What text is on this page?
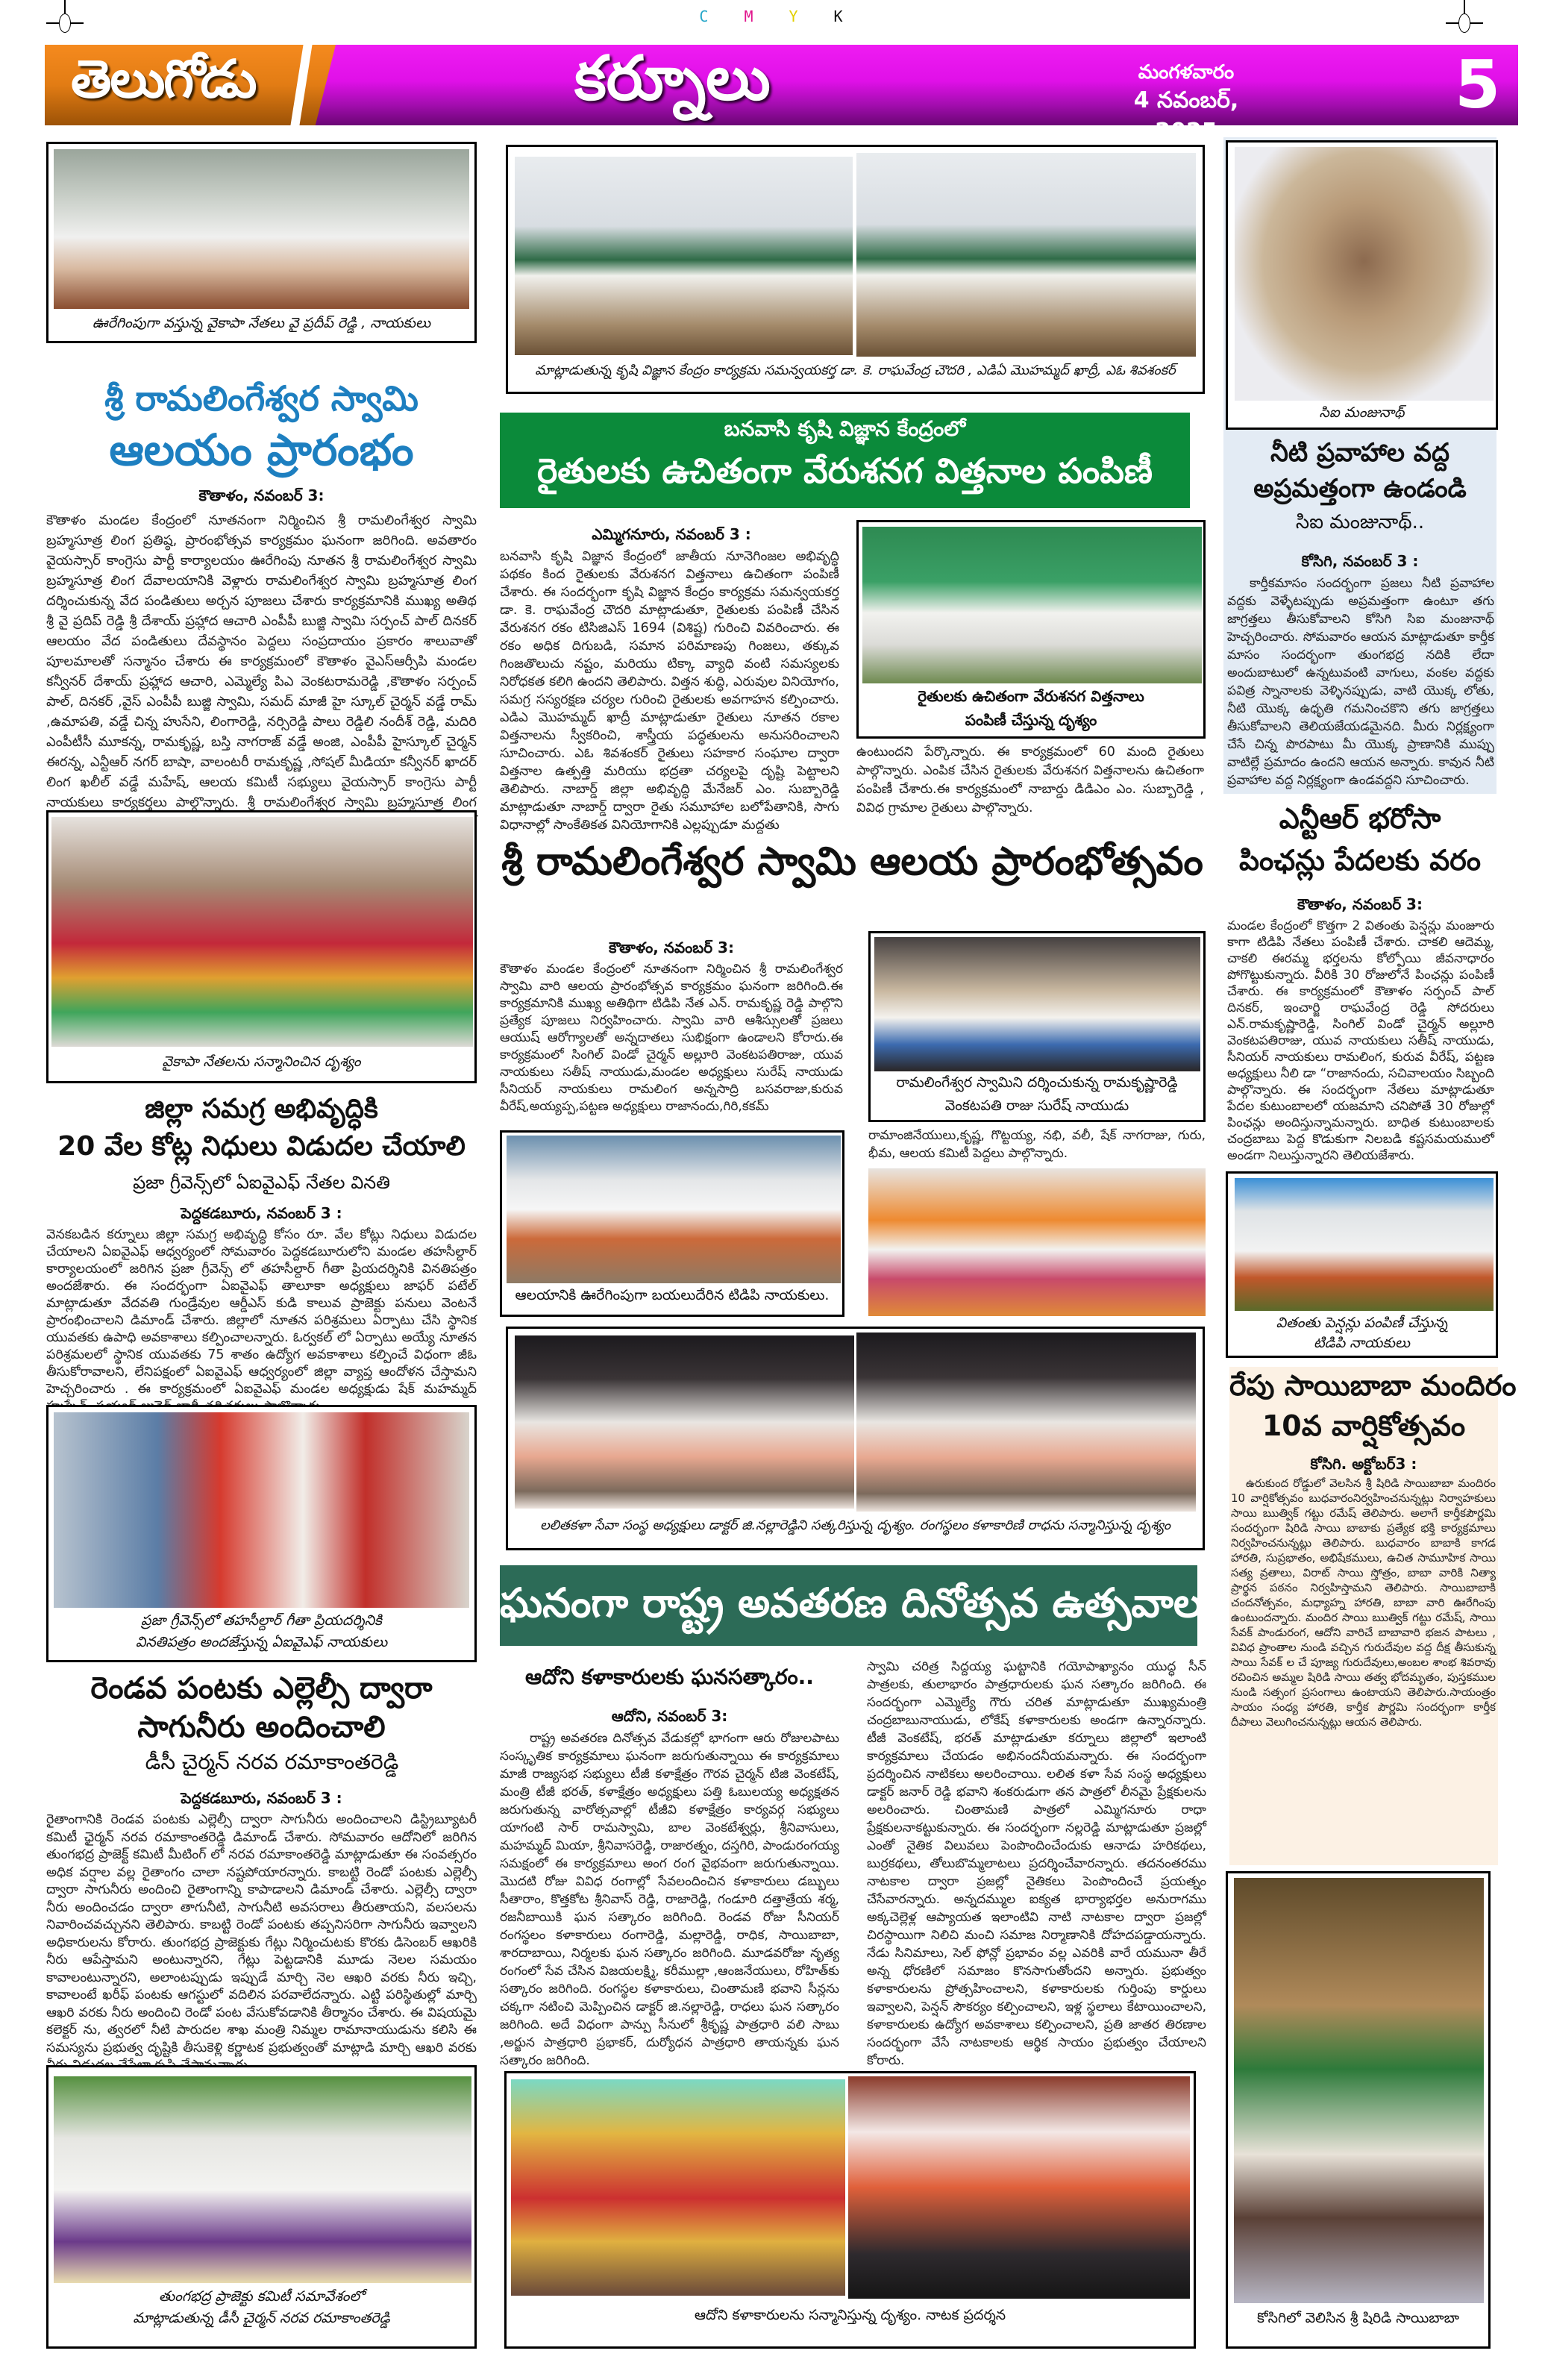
C M Y K
తెలుగోడు	కర్నూలు	మంగళవారం
4 నవంబర్, 2025
5
ఊరేగింపుగా వస్తున్న వైకాపా నేతలు వై ప్రదీప్ రెడ్డి , నాయకులు
శ్రీ రామలింగేశ్వర స్వామి
ఆలయం ప్రారంభం
కౌతాళం, నవంబర్ 3:
కౌతాళం మండల కేంద్రంలో నూతనంగా నిర్మించిన శ్రీ రామలింగేశ్వర స్వామి బ్రహ్మసూత్ర లింగ ప్రతిష్ఠ, ప్రారంభోత్సవ కార్యక్రమం ఘనంగా జరిగింది. అవతారం వైయస్సార్ కాంగ్రెసు పార్టీ కార్యాలయం ఊరేగింపు నూతన శ్రీ రామలింగేశ్వర స్వామి బ్రహ్మసూత్ర లింగ దేవాలయానికి వెళ్లారు రామలింగేశ్వర స్వామి బ్రహ్మసూత్ర లింగ దర్శించుకున్న వేద పండితులు అర్చన పూజలు చేశారు కార్యక్రమానికి ముఖ్య అతిథ శ్రీ వై ప్రదిప్ రెడ్డి శ్రీ దేశాయ్ ప్రహ్లాద ఆచారి ఎంపీపీ బుజ్జి స్వామి సర్పంచ్ పాల్ దినకర్ ఆలయం వేద పండితులు దేవస్థానం పెద్దలు సంప్రదాయం ప్రకారం శాలువాతో పూలమాలతో సన్మానం చేశారు ఈ కార్యక్రమంలో కౌతాళం వైఎస్ఆర్సీపి మండల కన్వీనర్ దేశాయ్ ప్రహ్లాద ఆచారి, ఎమ్మెల్యే పిఎ వెంకటరామరెడ్డి ,కౌతాళం సర్పంచ్ పాల్, దినకర్ ,వైస్ ఎంపీపీ బుజ్జి స్వామి, సమద్ మాజీ హై స్కూల్ చైర్మన్ వడ్డే రామ్ ,ఉమాపతి, వడ్డే చిన్న హుసేని, లింగారెడ్డి, నర్సిరెడ్డి పాలు రెడ్డిలి నందీశ్ రెడ్డి, మదిరి ఎంపీటీసీ మూకన్న, రామకృష్ణ, బస్తి నాగరాజ్ వడ్డే అంజి, ఎంపీపీ హైస్కూల్ చైర్మన్ ఈరన్న, ఎన్టీఆర్ నగర్ బాషా, వాలంటరీ రామకృష్ణ ,సోషల్ మీడియా కన్వీనర్ ఖాదర్ లింగ ఖలీల్ వడ్డే మహేష్, ఆలయ కమిటీ సభ్యులు వైయస్సార్ కాంగ్రెసు పార్టీ నాయకులు కార్యకర్తలు పాల్గొన్నారు. శ్రీ రామలింగేశ్వర స్వామి బ్రహ్మసూత్ర లింగ
వైకాపా నేతలను సన్మానించిన దృశ్యం
జిల్లా సమగ్ర అభివృద్ధికి
20 వేల కోట్ల నిధులు విడుదల చేయాలి
ప్రజా గ్రీవెన్స్‌లో ఏఐవైఎఫ్ నేతల వినతి
పెద్దకడబూరు, నవంబర్ 3 :
వెనకబడిన కర్నూలు జిల్లా సమగ్ర అభివృద్ధి కోసం రూ. వేల కోట్లు నిధులు విడుదల చేయాలని ఏఐవైఎఫ్ ఆధ్వర్యంలో సోమవారం పెద్దకడబూరులోని మండల తహసీల్దార్ కార్యాలయంలో జరిగిన ప్రజా గ్రీవెన్స్ లో తహసీల్దార్ గీతా ప్రియదర్శినికి వినతిపత్రం అందజేశారు. ఈ సందర్భంగా ఏఐవైఎఫ్ తాలూకా అధ్యక్షులు జాఫర్ పటేల్ మాట్లాడుతూ వేదవతి గుండ్రేవుల ఆర్డీఎస్ కుడి కాలువ ప్రాజెక్టు పనులు వెంటనే ప్రారంభించాలని డిమాండ్ చేశారు. జిల్లాలో నూతన పరిశ్రమలు ఏర్పాటు చేసి స్థానిక యువతకు ఉపాధి అవకాశాలు కల్పించాలన్నారు. ఓర్వకల్ లో ఏర్పాటు అయ్యే నూతన పరిశ్రమలలో స్థానిక యువతకు 75 శాతం ఉద్యోగ అవకాశాలు కల్పించే విధంగా జీఓ తీసుకోరావాలని, లేనిపక్షంలో ఏఐవైఎఫ్ ఆధ్వర్యంలో జిల్లా వ్యాప్త ఆందోళన చేస్తామని హెచ్చరించారు . ఈ కార్యక్రమంలో ఏఐవైఎఫ్ మండల అధ్యక్షుడు షేక్ మహమ్మద్
ప్రజా గ్రీవెన్స్‌లో తహసీల్దార్ గీతా ప్రియదర్శినికి
వినతిపత్రం అందజేస్తున్న ఏఐవైఎఫ్ నాయకులు
రెండవ పంటకు ఎల్లెల్సీ ద్వారా
సాగునీరు అందించాలి
డీసీ చైర్మన్ నరవ రమాకాంతరెడ్డి
పెద్దకడబూరు, నవంబర్ 3 :
రైతాంగానికి రెండవ పంటకు ఎల్లెల్సీ ద్వారా సాగునీరు అందించాలని డిస్ట్రిబ్యూటరీ కమిటీ ఛైర్మన్ నరవ రమాకాంతరెడ్డి డిమాండ్ చేశారు. సోమవారం ఆదోనిలో జరిగిన తుంగభద్ర ప్రాజెక్ట్ కమిటీ మీటింగ్ లో నరవ రమాకాంతరెడ్డి మాట్లాడుతూ ఈ సంవత్సరం అధిక వర్షాల వల్ల రైతాంగం చాలా నష్టపోయారన్నారు. కాబట్టి రెండో పంటకు ఎల్లెల్సీ ద్వారా సాగునీరు అందించి రైతాంగాన్ని కాపాడాలని డిమాండ్ చేశారు. ఎల్లెల్సీ ద్వారా నీరు అందించడం ద్వారా తాగునీటి, సాగునీటి అవసరాలు తీరుతాయని, వలసలను నివారించవచ్చునని తెలిపారు. కాబట్టి రెండో పంటకు తప్పనిసరిగా సాగునీరు ఇవ్వాలని అధికారులను కోరారు. తుంగభద్ర ప్రాజెక్టుకు గేట్లు నిర్మించుటకు కొరకు డిసెంబర్ ఆఖరికి నీరు ఆపేస్తామని అంటున్నారని, గేట్లు పెట్టడానికి మూడు నెలల సమయం కావాలంటున్నారని, అలాంటప్పుడు ఇప్పుడే మార్చి నెల ఆఖరి వరకు నీరు ఇచ్చి, కావాలంటే ఖరీఫ్ పంటకు ఆగస్టులో వదిలిన పరవాలేదన్నారు. ఎట్టి పరిస్థితుల్లో మార్చి ఆఖరి వరకు నీరు అందించి రెండో పంట వేసుకోవడానికి తీర్మానం చేశారు. ఈ విషయమై కలెక్టర్ ను, త్వరలో నీటి పారుదల శాఖ మంత్రి నిమ్మల రామానాయుడును కలిసి ఈ సమస్యను ప్రభుత్వ దృష్టికి తీసుకెళ్లి కర్ణాటక ప్రభుత్వంతో మాట్లాడి మార్చి ఆఖరి వరకు
తుంగభద్ర ప్రాజెక్టు కమిటీ సమావేశంలో
మాట్లాడుతున్న డీసీ చైర్మన్ నరవ రమాకాంతరెడ్డి
మాట్లాడుతున్న కృషి విజ్ఞాన కేంద్రం కార్యక్రమ సమన్వయకర్త డా. కె. రాఘవేంద్ర చౌదరి , ఎడిఏ మొహమ్మద్ ఖాద్రీ, ఎఓ శివశంకర్
బనవాసి కృషి విజ్ఞాన కేంద్రంలో
రైతులకు ఉచితంగా వేరుశనగ విత్తనాల పంపిణీ
ఎమ్మిగనూరు, నవంబర్ 3 :
బనవాసి కృషి విజ్ఞాన కేంద్రంలో జాతీయ నూనెగింజల అభివృద్ధి పథకం కింద రైతులకు వేరుశనగ విత్తనాలు ఉచితంగా పంపిణీ చేశారు. ఈ సందర్భంగా కృషి విజ్ఞాన కేంద్రం కార్యక్రమ సమన్వయకర్త డా. కె. రాఘవేంద్ర చౌదరి మాట్లాడుతూ, రైతులకు పంపిణీ చేసిన వేరుశనగ రకం టిసిజిఎస్ 1694 (విశిష్ట) గురించి వివరించారు. ఈ రకం అధిక దిగుబడి, సమాన పరిమాణపు గింజలు, తక్కువ గింజతొలుచు నష్టం, మరియు టిక్కా వ్యాధి వంటి సమస్యలకు నిరోధకత కలిగి ఉందని తెలిపారు. విత్తన శుద్ధి, ఎరువుల వినియోగం, సమగ్ర సస్యరక్షణ చర్యల గురించి రైతులకు అవగాహన కల్పించారు. ఎడిఎ మొహమ్మద్ ఖాద్రీ మాట్లాడుతూ రైతులు నూతన రకాల విత్తనాలను స్వీకరించి, శాస్త్రీయ పద్ధతులను అనుసరించాలని సూచించారు. ఎఓ శివశంకర్ రైతులు సహకార సంఘాల ద్వారా విత్తనాల ఉత్పత్తి మరియు భద్రతా చర్యలపై దృష్టి పెట్టాలని తెలిపారు. నాబార్డ్ జిల్లా అభివృద్ధి మేనేజర్ ఎం. సుబ్బారెడ్డి మాట్లాడుతూ నాబార్డ్ ద్వారా రైతు సమూహాల బలోపేతానికి, సాగు విధానాల్లో సాంకేతికత వినియోగానికి ఎల్లప్పుడూ మద్దతు
రైతులకు ఉచితంగా వేరుశనగ విత్తనాలు
పంపిణీ చేస్తున్న దృశ్యం
ఉంటుందని పేర్కొన్నారు. ఈ కార్యక్రమంలో 60 మంది రైతులు పాల్గొన్నారు. ఎంపిక చేసిన రైతులకు వేరుశనగ విత్తనాలను ఉచితంగా పంపిణీ చేశారు.ఈ కార్యక్రమంలో నాబార్డు డిడిఎం ఎం. సుబ్బారెడ్డి , వివిధ గ్రామాల రైతులు పాల్గొన్నారు.
శ్రీ రామలింగేశ్వర స్వామి ఆలయ ప్రారంభోత్సవం
కౌతాళం, నవంబర్ 3:
కౌతాళం మండల కేంద్రంలో నూతనంగా నిర్మించిన శ్రీ రామలింగేశ్వర స్వామి వారి ఆలయ ప్రారంభోత్సవ కార్యక్రమం ఘనంగా జరిగింది.ఈ కార్యక్రమానికి ముఖ్య అతిథిగా టిడిపి నేత ఎన్. రామకృష్ణ రెడ్డి పాల్గొని ప్రత్యేక పూజలు నిర్వహించారు. స్వామి వారి ఆశీస్సులతో ప్రజలు ఆయుష్ ఆరోగ్యాలతో అన్నదాతలు సుభిక్షంగా ఉండాలని కోరారు.ఈ కార్యక్రమంలో సింగిల్ విండో చైర్మన్ అల్లూరి వెంకటపతిరాజు, యువ నాయకులు సతీష్ నాయుడు,మండల అధ్యక్షులు సురేష్ నాయుడు సీనియర్ నాయకులు రామలింగ అన్నసాద్రి బసవరాజు,కురువ వీరేష్,అయ్యప్ప,పట్టణ అధ్యక్షులు రాజానందు,గిరి,కకమ్
రామలింగేశ్వర స్వామిని దర్శించుకున్న రామకృష్ణారెడ్డి
వెంకటపతి రాజు సురేష్ నాయుడు
రామాంజినేయులు,కృష్ణ, గొట్టయ్య, నభి, వలీ, షేక్ నాగరాజు, గురు, భీమ, ఆలయ కమిటీ పెద్దలు పాల్గొన్నారు.
ఆలయానికి ఊరేగింపుగా బయలుదేరిన టిడిపి నాయకులు.
లలితకళా సేవా సంస్థ అధ్యక్షులు డాక్టర్ జి.నల్లారెడ్డిని సత్కరిస్తున్న దృశ్యం. రంగస్థలం కళాకారిణి రాధను సన్మానిస్తున్న దృశ్యం
ఘనంగా రాష్ట్ర అవతరణ దినోత్సవ ఉత్సవాలు
ఆదోని కళాకారులకు ఘనసత్కారం..
ఆదోని, నవంబర్ 3:
రాష్ట్ర అవతరణ దినోత్సవ వేడుకల్లో భాగంగా ఆరు రోజులపాటు సంస్కృతిక కార్యక్రమాలు ఘనంగా జరుగుతున్నాయి ఈ కార్యక్రమాలు మాజీ రాజ్యసభ సభ్యులు టీజీ కళాక్షేత్రం గౌరవ చైర్మన్ టిజి వెంకటేష్, మంత్రి టీజీ భరత్, కళాక్షేత్రం అధ్యక్షులు పత్తి ఓబులయ్య అధ్యక్షతన జరుగుతున్న వారోత్సవాల్లో టీజీవి కళాక్షేత్రం కార్యవర్గ సభ్యులు యాగంటి సార్ రామస్వామి, బాల వెంకటేశ్వర్లు, శ్రీనివాసులు, మహమ్మద్ మియా, శ్రీనివాసరెడ్డి, రాజారత్నం, దస్తగిరి, పాండురంగయ్య సమక్షంలో ఈ కార్యక్రమాలు అంగ రంగ వైభవంగా జరుగుతున్నాయి. మొదటి రోజు వివిధ రంగాల్లో సేవలందించిన కళాకారులు డబ్బులు సీతారాం, కొత్తకోట శ్రీనివాస్ రెడ్డి, రాజారెడ్డి, గండూరి దత్తాత్రేయ శర్మ, రజనీబాయికి ఘన సత్కారం జరిగింది. రెండవ రోజు సీనియర్ రంగస్థలం కళాకారులు రంగారెడ్డి, మల్లారెడ్డి, రాధిక, సాయిబాబా, శారదాబాయి, నిర్మలకు ఘన సత్కారం జరిగింది. మూడవరోజు నృత్య రంగంలో సేవ చేసిన విజయలక్ష్మి, కరీముల్లా ,ఆంజనేయులు, రోహిత్‌కు సత్కారం జరిగింది. రంగస్థల కళాకారులు, చింతామణి భవాని సీన్లను చక్కగా నటించి మెప్పించిన డాక్టర్ జి.నల్లారెడ్డి, రాధలు ఘన సత్కారం జరిగింది. అదే విధంగా పాన్పు సీనులో శ్రీకృష్ణ పాత్రధారి వలి సాబు ,అర్జున పాత్రధారి ప్రభాకర్, దుర్యోధన పాత్రధారి తాయన్నకు ఘన సత్కారం జరిగింది.
స్వామి చరిత్ర సిద్దయ్య ఘట్టానికి గయోపాఖ్యానం యుద్ధ సీన్ పాత్రలకు, తులాభారం పాత్రధారులకు ఘన సత్కారం జరిగింది. ఈ సందర్భంగా ఎమ్మెల్యే గౌరు చరిత మాట్లాడుతూ ముఖ్యమంత్రి చంద్రబాబునాయుడు, లోకేష్ కళాకారులకు అండగా ఉన్నారన్నారు. టీజీ వెంకటేష్, భరత్ మాట్లాడుతూ కర్నూలు జిల్లాలో ఇలాంటి కార్యక్రమాలు చేయడం అభినందనీయమన్నారు. ఈ సందర్భంగా ప్రదర్శించిన నాటికలు అలరించాయి. లలిత కళా సేవ సంస్థ అధ్యక్షులు డాక్టర్ జనార్ రెడ్డి భవాని శంకరుడుగా తన పాత్రలో లీనమై ప్రేక్షకులను అలరించారు. చింతామణి పాత్రలో ఎమ్మిగనూరు రాధా ప్రేక్షకులనాకట్టుకున్నారు. ఈ సందర్భంగా నల్లరెడ్డి మాట్లాడుతూ ప్రజల్లో ఎంతో నైతిక విలువలు పెంపొందించేందుకు ఆనాడు హరికథలు, బుర్రకథలు, తోలుబొమ్మలాటలు ప్రదర్శించేవారన్నారు. తదనంతరము నాటకాల ద్వారా ప్రజల్లో నైతికలు పెంపొందించే ప్రయత్నం చేసేవారన్నారు. అన్నదమ్ముల ఐక్యత భార్యాభర్తల అనురాగము అక్కచెల్లెళ్ల ఆప్యాయత ఇలాంటివి నాటి నాటకాల ద్వారా ప్రజల్లో చిరస్థాయిగా నిలిచి మంచి సమాజ నిర్మాణానికి దోహదపడ్డాయన్నారు. నేడు సినిమాలు, సెల్ ఫోన్లో ప్రభావం వల్ల ఎవరికి వారే యమునా తీరే అన్న ధోరణిలో సమాజం కొనసాగుతోందని అన్నారు. ప్రభుత్వం కళాకారులను ప్రోత్సహించాలని, కళాకారులకు గుర్తింపు కార్డులు ఇవ్వాలని, పెన్షన్ సౌకర్యం కల్పించాలని, ఇళ్ల స్థలాలు కేటాయించాలని, కళాకారులకు ఉద్యోగ అవకాశాలు కల్పించాలని, ప్రతి జాతర తిరణాల సందర్భంగా వేసే నాటకాలకు ఆర్థిక సాయం ప్రభుత్వం చేయాలని కోరారు.
ఆదోని కళాకారులను సన్మానిస్తున్న దృశ్యం. నాటక ప్రదర్శన
సిఐ మంజునాథ్
నీటి ప్రవాహాల వద్ద
అప్రమత్తంగా ఉండండి
సిఐ మంజునాథ్..
కోసిగి, నవంబర్ 3 :
కార్తీకమాసం సందర్భంగా ప్రజలు నీటి ప్రవాహాల వద్దకు వెళ్ళేటప్పుడు అప్రమత్తంగా ఉంటూ తగు జాగ్రత్తలు తీసుకోవాలని కోసిగి సిఐ మంజునాథ్ హెచ్చరించారు. సోమవారం ఆయన మాట్లాడుతూ కార్తీక మాసం సందర్భంగా తుంగభద్ర నదికి లేదా అందుబాటులో ఉన్నటువంటి వాగులు, వంకల వద్దకు పవిత్ర స్నానాలకు వెళ్ళినప్పుడు, వాటి యొక్క లోతు, నీటి యొక్క ఉధృతి గమనించకొని తగు జాగ్రత్తలు తీసుకోవాలని తెలియజేయడమైనది. మీరు నిర్లక్ష్యంగా చేసే చిన్న పొరపాటు మీ యొక్క ప్రాణానికి ముప్పు వాటిల్లే ప్రమాదం ఉందని ఆయన అన్నారు. కావున నీటి ప్రవాహాల వద్ద నిర్లక్ష్యంగా ఉండవద్దని సూచించారు.
ఎన్టీఆర్ భరోసా
పింఛన్లు పేదలకు వరం
కౌతాళం, నవంబర్ 3:
మండల కేంద్రంలో కొత్తగా 2 వితంతు పెన్షన్లు మంజూరు కాగా టిడిపి నేతలు పంపిణీ చేశారు. చాకలి ఆదెమ్మ, చాకలి ఈరమ్మ భర్తలను కోల్పోయి జీవనాధారం పోగొట్టుకున్నారు. వీరికి 30 రోజులోనే పింఛన్లు పంపిణీ చేశారు. ఈ కార్యక్రమంలో కౌతాళం సర్పంచ్ పాల్ దినకర్, ఇంచార్జి రాఘవేంద్ర రెడ్డి సోదరులు ఎన్.రామకృష్ణారెడ్డి, సింగిల్ విండో చైర్మన్ అల్లూరి వెంకటపతిరాజు, యువ నాయకులు సతీష్ నాయుడు, సీనియర్ నాయకులు రామలింగ, కురువ వీరేష్, పట్టణ అధ్యక్షులు నీలి డా “రాజానందు, సచివాలయం సిబ్బంది పాల్గొన్నారు. ఈ సందర్భంగా నేతలు మాట్లాడుతూ పేదల కుటుంబాలలో యజమాని చనిపోతే 30 రోజుల్లో పింఛన్లు అందిస్తున్నామన్నారు. బాధిత కుటుంబాలకు చంద్రబాబు పెద్ద కొడుకుగా నిలబడి కష్టసమయములో అండగా నిలుస్తున్నారని తెలియజేశారు.
వితంతు పెన్షన్లు పంపిణీ చేస్తున్న
టిడిపి నాయకులు
రేపు సాయిబాబా మందిరం
10వ వార్షికోత్సవం
కోసిగి. అక్టోబర్3 :
ఉరుకుంద రోడ్డులో వెలసిన శ్రీ షిరిడి సాయిబాబా మందిరం 10 వార్షికోత్సవం బుధవారంనిర్వహించనున్నట్లు నిర్వాహకులు సాయి ఋత్విక్ గట్టు రమేష్ తెలిపారు. అలాగే కార్తీకపౌర్ణమి సందర్భంగా షిరిడి సాయి బాబాకు ప్రత్యేక భక్తి కార్యక్రమాలు నిర్వహించనున్నట్లు తెలిపారు. బుధవారం బాబాకి కాగడ హారతి, సుప్రభాతం, అభిషేకములు, ఉచిత సామూహిక సాయి సత్య వ్రతాలు, విరాట్ సాయి స్తోత్రం, బాబా వారికి నిత్యా ప్రార్థన పఠనం నిర్వహిస్తామని తెలిపారు. సాయిబాబాకి చందనోత్సవం, మధ్యాహ్న హారతి, బాబా వారి ఊరేగింపు ఉంటుందన్నారు. మందిర సాయి ఋత్విక్ గట్టు రమేష్, సాయి సేవక్ పాండురంగ, ఆదోని వారిచే బాబావారి భజన పాటలు , వివిధ ప్రాంతాల నుండి వచ్చిన గురుదేవుల వద్ద దీక్ష తీసుకున్న సాయి సేవక్ ల చే పూజ్య గురుదేవులు,అంబల శాంభ శివరావు రచించిన అమ్మల షిరిడి సాయి తత్వ భోదమృతం, పుస్తకముల నుండి సత్సంగ ప్రసంగాలు ఉంటాయని తెలిపారు.సాయంత్రం సాయం సంధ్య హారతి, కార్తీక పౌర్ణమి సందర్భంగా కార్తీక దీపాలు వెలుగించనున్నట్లు ఆయన తెలిపారు.
కోసిగిలో వెలిసిన శ్రీ షిరిడి సాయిబాబా
